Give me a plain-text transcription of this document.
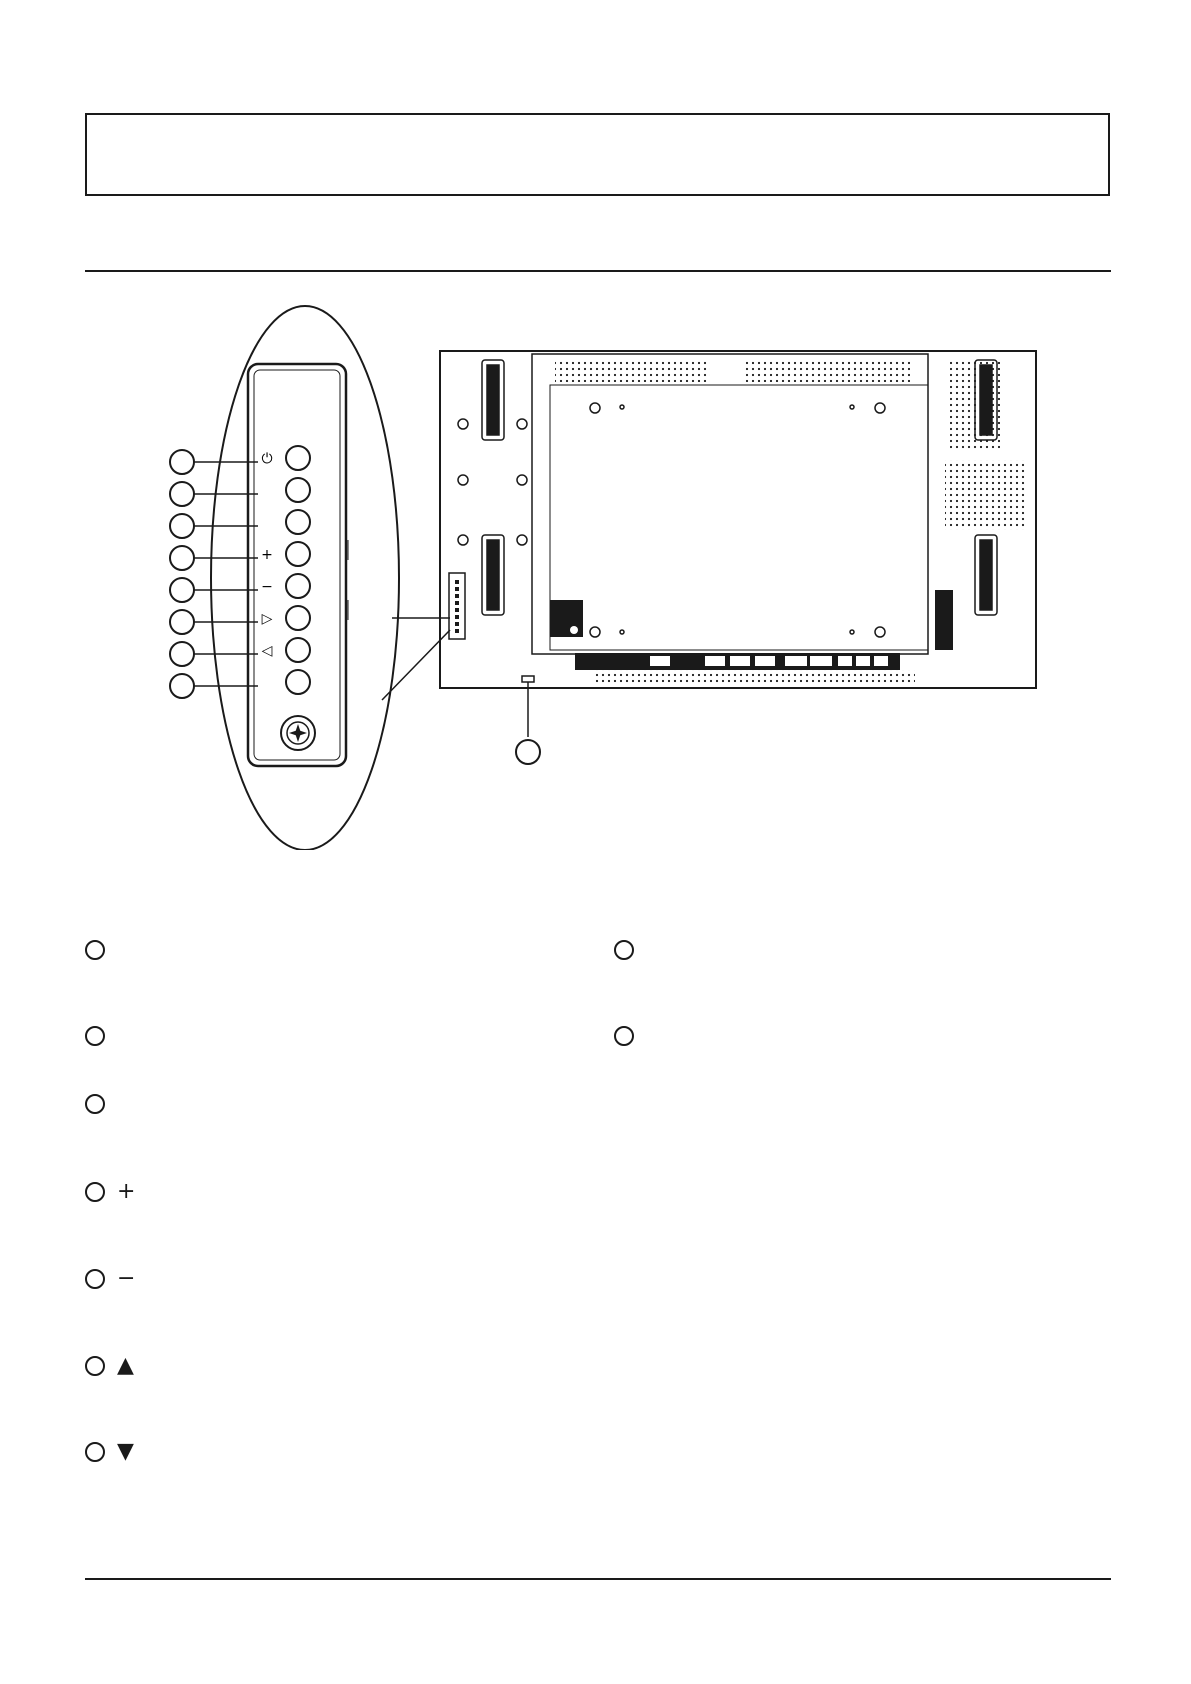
⏻
+
−
▷
◁
+
−
▲
▼
